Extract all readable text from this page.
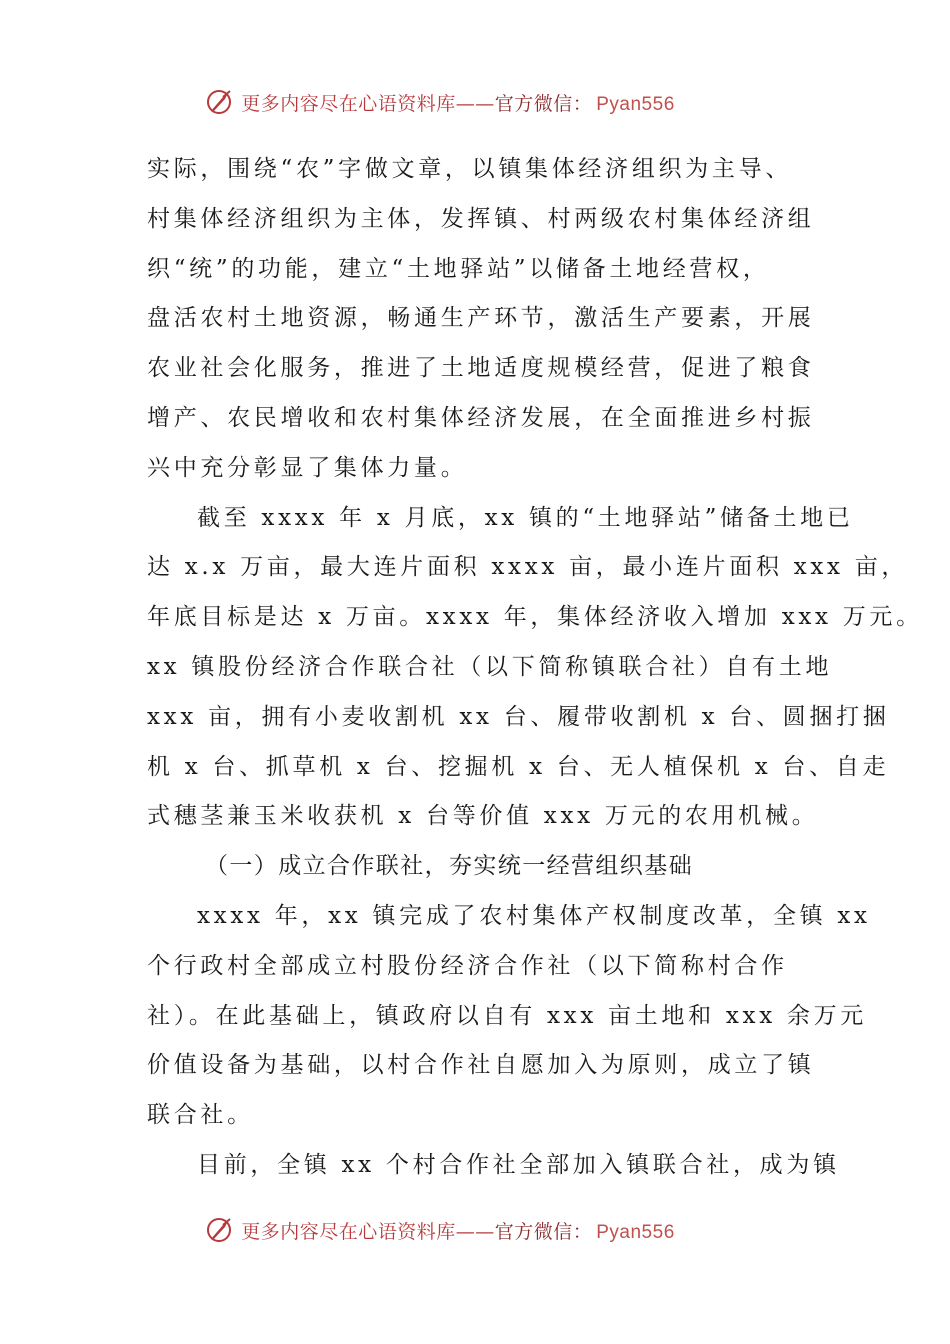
更多内容尽在心语资料库——官方微信： Pyan556
实际，围绕“农”字做文章，以镇集体经济组织为主导、
村集体经济组织为主体，发挥镇、村两级农村集体经济组
织“统”的功能，建立“土地驿站”以储备土地经营权，
盘活农村土地资源，畅通生产环节，激活生产要素，开展
农业社会化服务，推进了土地适度规模经营，促进了粮食
增产、农民增收和农村集体经济发展，在全面推进乡村振
兴中充分彰显了集体力量。
截至 xxxx 年 x 月底，xx 镇的“土地驿站”储备土地已
达 x.x 万亩，最大连片面积 xxxx 亩，最小连片面积 xxx 亩，
年底目标是达 x 万亩。xxxx 年，集体经济收入增加 xxx 万元。
xx 镇股份经济合作联合社（以下简称镇联合社）自有土地
xxx 亩，拥有小麦收割机 xx 台、履带收割机 x 台、圆捆打捆
机 x 台、抓草机 x 台、挖掘机 x 台、无人植保机 x 台、自走
式穗茎兼玉米收获机 x 台等价值 xxx 万元的农用机械。
（一）成立合作联社，夯实统一经营组织基础
xxxx 年，xx 镇完成了农村集体产权制度改革，全镇 xx
个行政村全部成立村股份经济合作社（以下简称村合作
社）。在此基础上，镇政府以自有 xxx 亩土地和 xxx 余万元
价值设备为基础，以村合作社自愿加入为原则，成立了镇
联合社。
目前，全镇 xx 个村合作社全部加入镇联合社，成为镇
更多内容尽在心语资料库——官方微信： Pyan556
